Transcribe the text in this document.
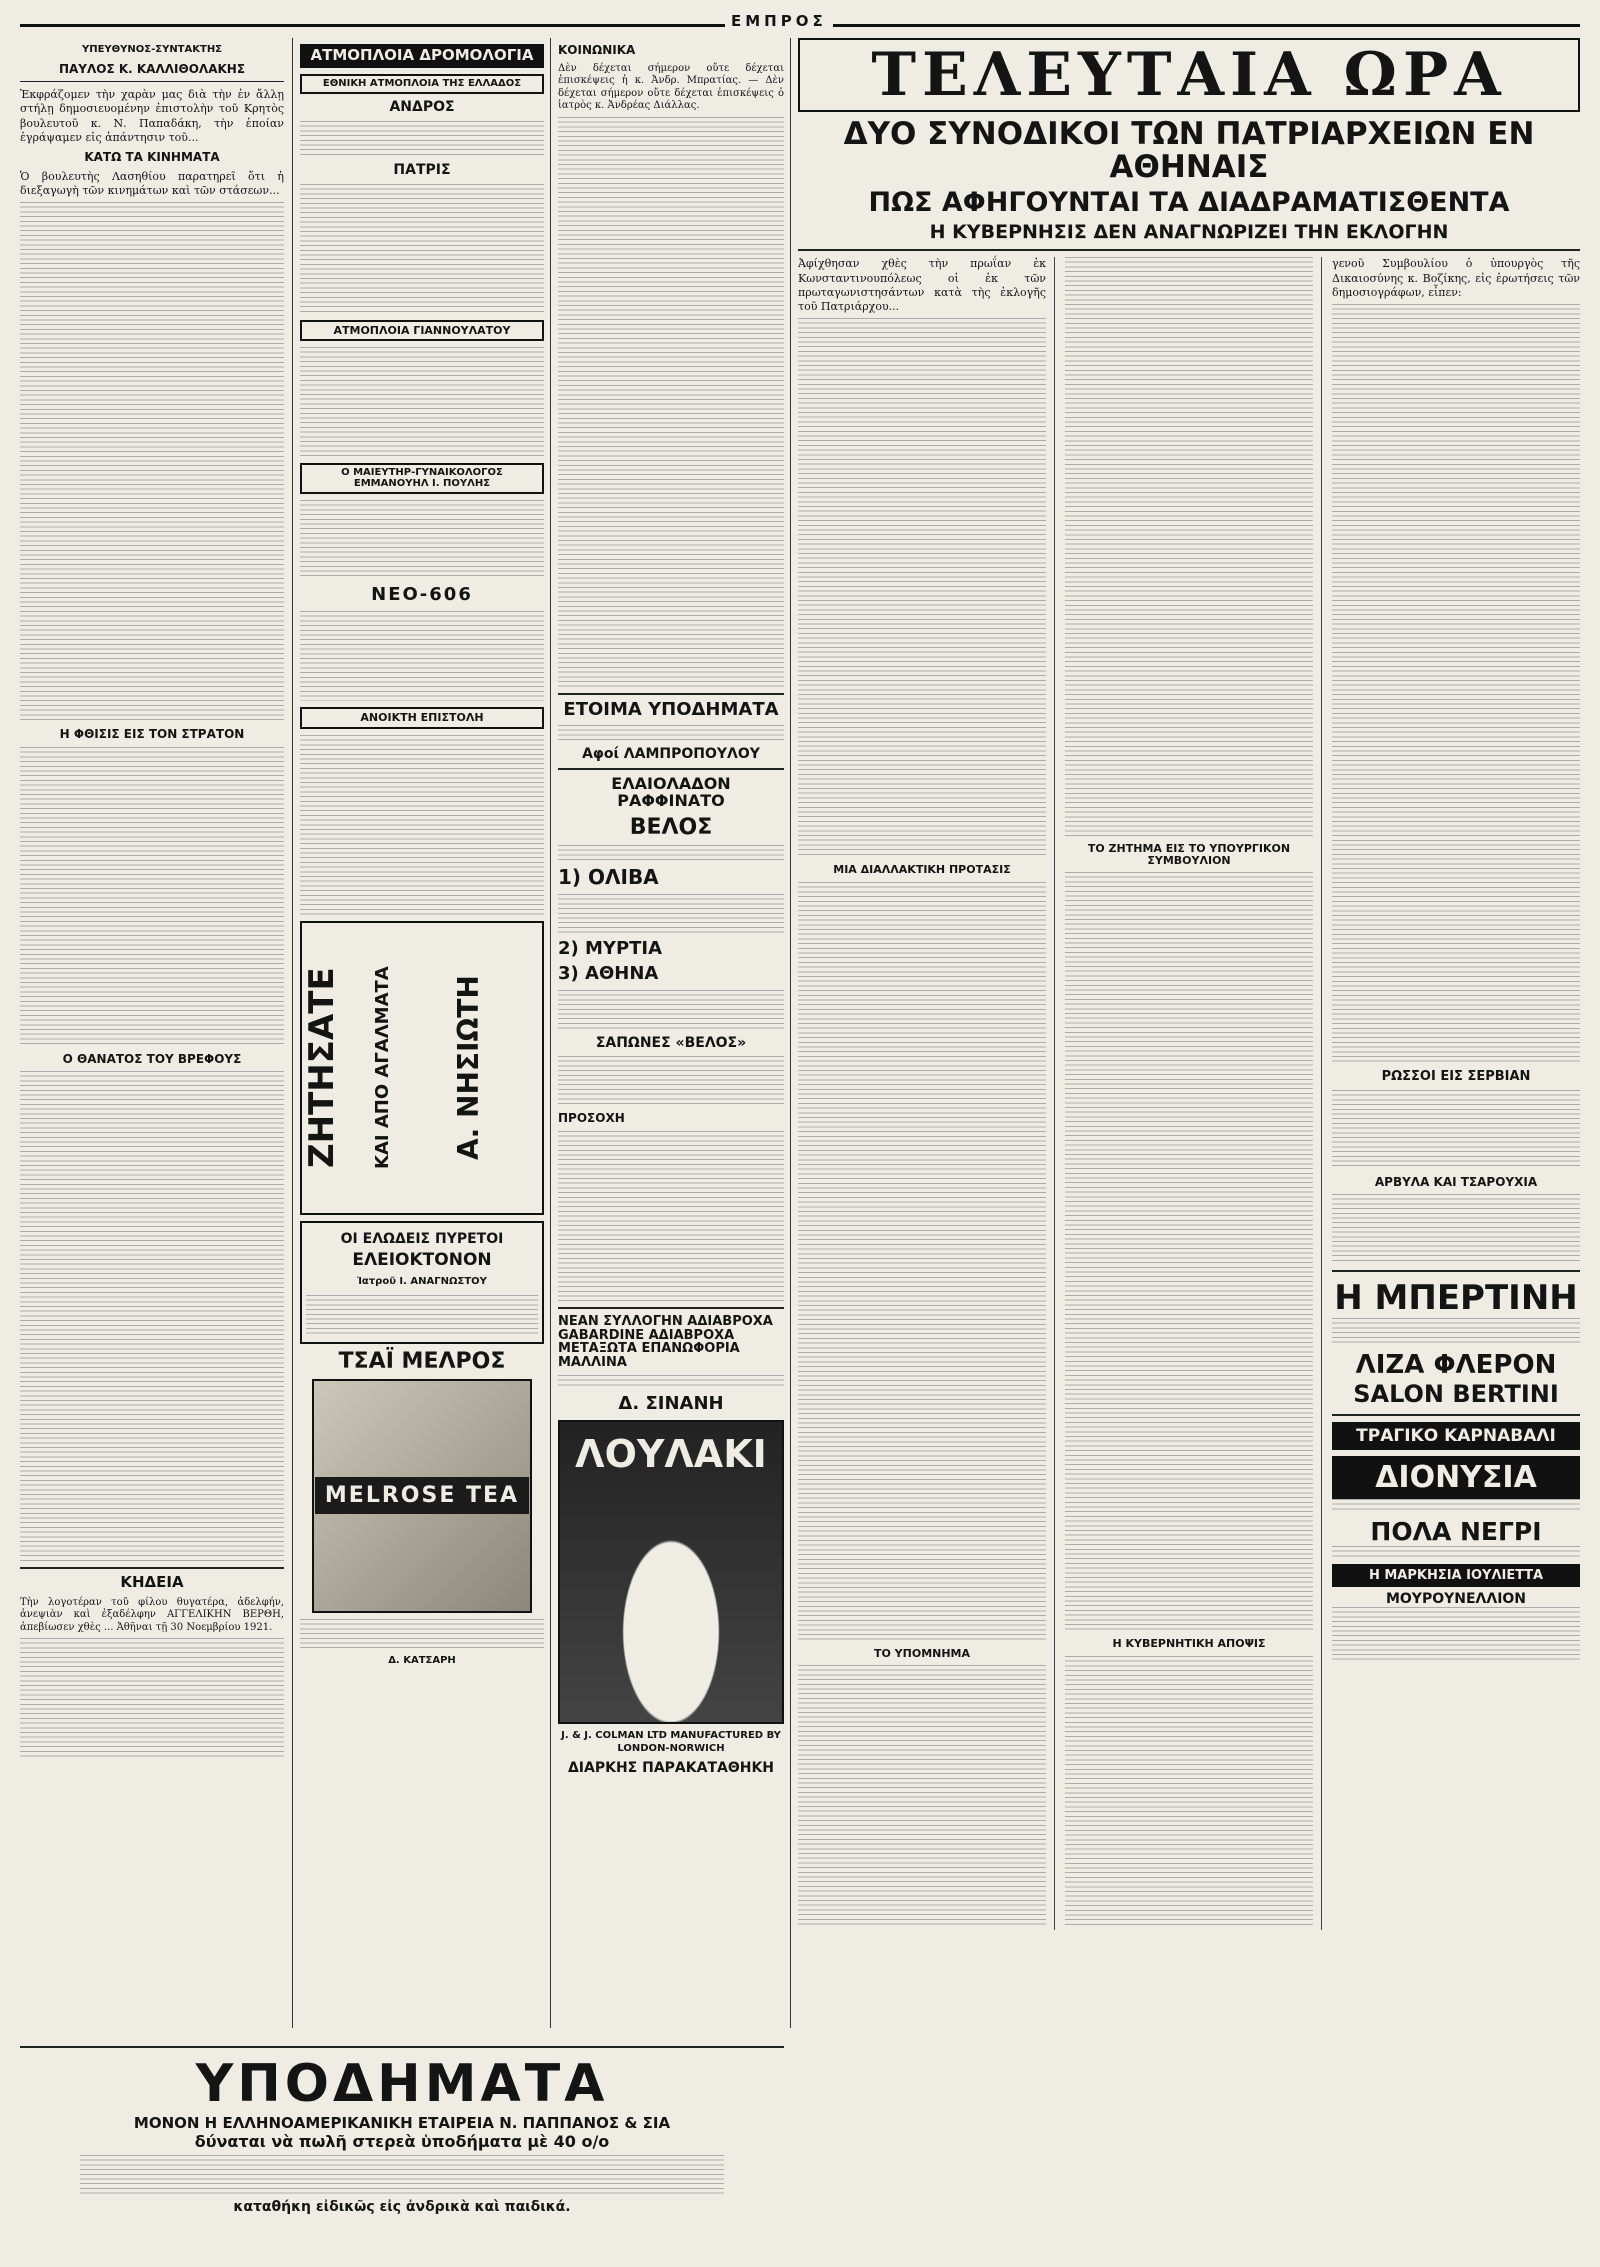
ΕΜΠΡΟΣ
ΥΠΕΥΘΥΝΟΣ-ΣΥΝΤΑΚΤΗΣ
ΠΑΥΛΟΣ Κ. ΚΑΛΛΙΘΟΛΑΚΗΣ

Ἐκφράζομεν τὴν χαρὰν μας διὰ τὴν ἐν ἄλλῃ στήλῃ δημοσιευομένην ἐπιστολὴν τοῦ Κρητὸς βουλευτοῦ κ. Ν. Παπαδάκη, τὴν ἐποίαν ἐγράψαμεν εἰς ἀπάντησιν τοῦ...

ΚΑΤΩ ΤΑ ΚΙΝΗΜΑΤΑ

Ὁ βουλευτὴς Λασηθίου παρατηρεῖ ὅτι ἡ διεξαγωγὴ τῶν κινημάτων καὶ τῶν στάσεων...

Η ΦΘΙΣΙΣ ΕΙΣ ΤΟΝ ΣΤΡΑΤΟΝ
Ο ΘΑΝΑΤΟΣ ΤΟΥ ΒΡΕΦΟΥΣ
ΚΗΔΕΙΑ

Τὴν λογοτέραν τοῦ φίλου θυγατέρα, ἀδελφήν, ἀνεψιὰν καὶ ἐξαδέλφην ΑΓΓΕΛΙΚΗΝ ΒΕΡΘΗ, ἀπεβίωσεν χθὲς ... Ἀθῆναι τῇ 30 Νοεμβρίου 1921.

ΑΤΜΟΠΛΟΙΑ ΔΡΟΜΟΛΟΓΙΑ
ΕΘΝΙΚΗ ΑΤΜΟΠΛΟΙΑ ΤΗΣ ΕΛΛΑΔΟΣ
ΑΝΔΡΟΣ
ΠΑΤΡΙΣ
ΑΤΜΟΠΛΟΙΑ ΓΙΑΝΝΟΥΛΑΤΟΥ
Ο ΜΑΙΕΥΤΗΡ-ΓΥΝΑΙΚΟΛΟΓΟΣ ΕΜΜΑΝΟΥΗΛ Ι. ΠΟΥΛΗΣ
ΝΕΟ-606
ΑΝΟΙΚΤΗ ΕΠΙΣΤΟΛΗ
ΖΗΤΗΣΑΤΕ	ΚΑΙ ΑΠΟ ΑΓΑΛΜΑΤΑ	Α. ΝΗΣΙΩΤΗ
ΟΙ ΕΛΩΔΕΙΣ ΠΥΡΕΤΟΙ
ΕΛΕΙΟΚΤΟΝΟΝ
Ἰατροῦ Ι. ΑΝΑΓΝΩΣΤΟΥ
ΤΣΑΪ ΜΕΛΡΟΣ
MELROSE TEA
Δ. ΚΑΤΣΑΡΗ
ΚΟΙΝΩΝΙΚΑ

Δὲν δέχεται σήμερον οὔτε δέχεται ἐπισκέψεις ἡ κ. Ἀνδρ. Μπρατίας. — Δὲν δέχεται σήμερον οὔτε δέχεται ἐπισκέψεις ὁ ἰατρὸς κ. Ἀνδρέας Διάλλας.

ΕΤΟΙΜΑ ΥΠΟΔΗΜΑΤΑ
Αφοί ΛΑΜΠΡΟΠΟΥΛΟΥ
ΕΛΑΙΟΛΑΔΟΝ ΡΑΦΦΙΝΑΤΟ
ΒΕΛΟΣ
1) ΟΛΙΒΑ
2) ΜΥΡΤΙΑ
3) ΑΘΗΝΑ
ΣΑΠΩΝΕΣ «ΒΕΛΟΣ»
ΠΡΟΣΟΧΗ
ΝΕΑΝ ΣΥΛΛΟΓΗΝ ΑΔΙΑΒΡΟΧΑ GABARDINE ΑΔΙΑΒΡΟΧΑ ΜΕΤΑΞΩΤΑ ΕΠΑΝΩΦΟΡΙΑ ΜΑΛΛΙΝΑ
Δ. ΣΙΝΑΝΗ
ΛΟΥΛΑΚΙ
J. & J. COLMAN LTD MANUFACTURED BY LONDON-NORWICH
ΔΙΑΡΚΗΣ ΠΑΡΑΚΑΤΑΘΗΚΗ
ΤΕΛΕΥΤΑΙΑ ΩΡΑ
ΔΥΟ ΣΥΝΟΔΙΚΟΙ ΤΩΝ ΠΑΤΡΙΑΡΧΕΙΩΝ ΕΝ ΑΘΗΝΑΙΣ
ΠΩΣ ΑΦΗΓΟΥΝΤΑΙ ΤΑ ΔΙΑΔΡΑΜΑΤΙΣΘΕΝΤΑ
Η ΚΥΒΕΡΝΗΣΙΣ ΔΕΝ ΑΝΑΓΝΩΡΙΖΕΙ ΤΗΝ ΕΚΛΟΓΗΝ

Ἀφίχθησαν χθὲς τὴν πρωΐαν ἐκ Κωνσταντινουπόλεως οἱ ἐκ τῶν πρωταγωνιστησάντων κατὰ τὴς ἐκλογῆς τοῦ Πατριάρχου...

ΜΙΑ ΔΙΑΛΛΑΚΤΙΚΗ ΠΡΟΤΑΣΙΣ
ΤΟ ΥΠΟΜΝΗΜΑ
ΤΟ ΖΗΤΗΜΑ ΕΙΣ ΤΟ ΥΠΟΥΡΓΙΚΟΝ ΣΥΜΒΟΥΛΙΟΝ
Η ΚΥΒΕΡΝΗΤΙΚΗ ΑΠΟΨΙΣ

γενοῦ Συμβουλίου ὁ ὑπουργὸς τῆς Δικαιοσύνης κ. Βοζίκης, εἰς ἐρωτήσεις τῶν δημοσιογράφων, εἶπεν:

ΡΩΣΣΟΙ ΕΙΣ ΣΕΡΒΙΑΝ
ΑΡΒΥΛΑ ΚΑΙ ΤΣΑΡΟΥΧΙΑ
Η ΜΠΕΡΤΙΝΗ
ΛΙΖΑ ΦΛΕΡΟΝ
SALON BERTINI
ΤΡΑΓΙΚΟ ΚΑΡΝΑΒΑΛΙ
ΔΙΟΝΥΣΙΑ
ΠΟΛΑ ΝΕΓΡΙ
Η ΜΑΡΚΗΣΙΑ ΙΟΥΛΙΕΤΤΑ
ΜΟΥΡΟΥΝΕΛΛΙΟΝ
ΥΠΟΔΗΜΑΤΑ
ΜΟΝΟΝ Η ΕΛΛΗΝΟΑΜΕΡΙΚΑΝΙΚΗ ΕΤΑΙΡΕΙΑ Ν. ΠΑΠΠΑΝΟΣ & ΣΙΑ
δύναται νὰ πωλῆ στερεὰ ὑποδήματα μὲ 40 ο/ο
καταθήκη εἰδικῶς εἰς ἀνδρικὰ καὶ παιδικά.
